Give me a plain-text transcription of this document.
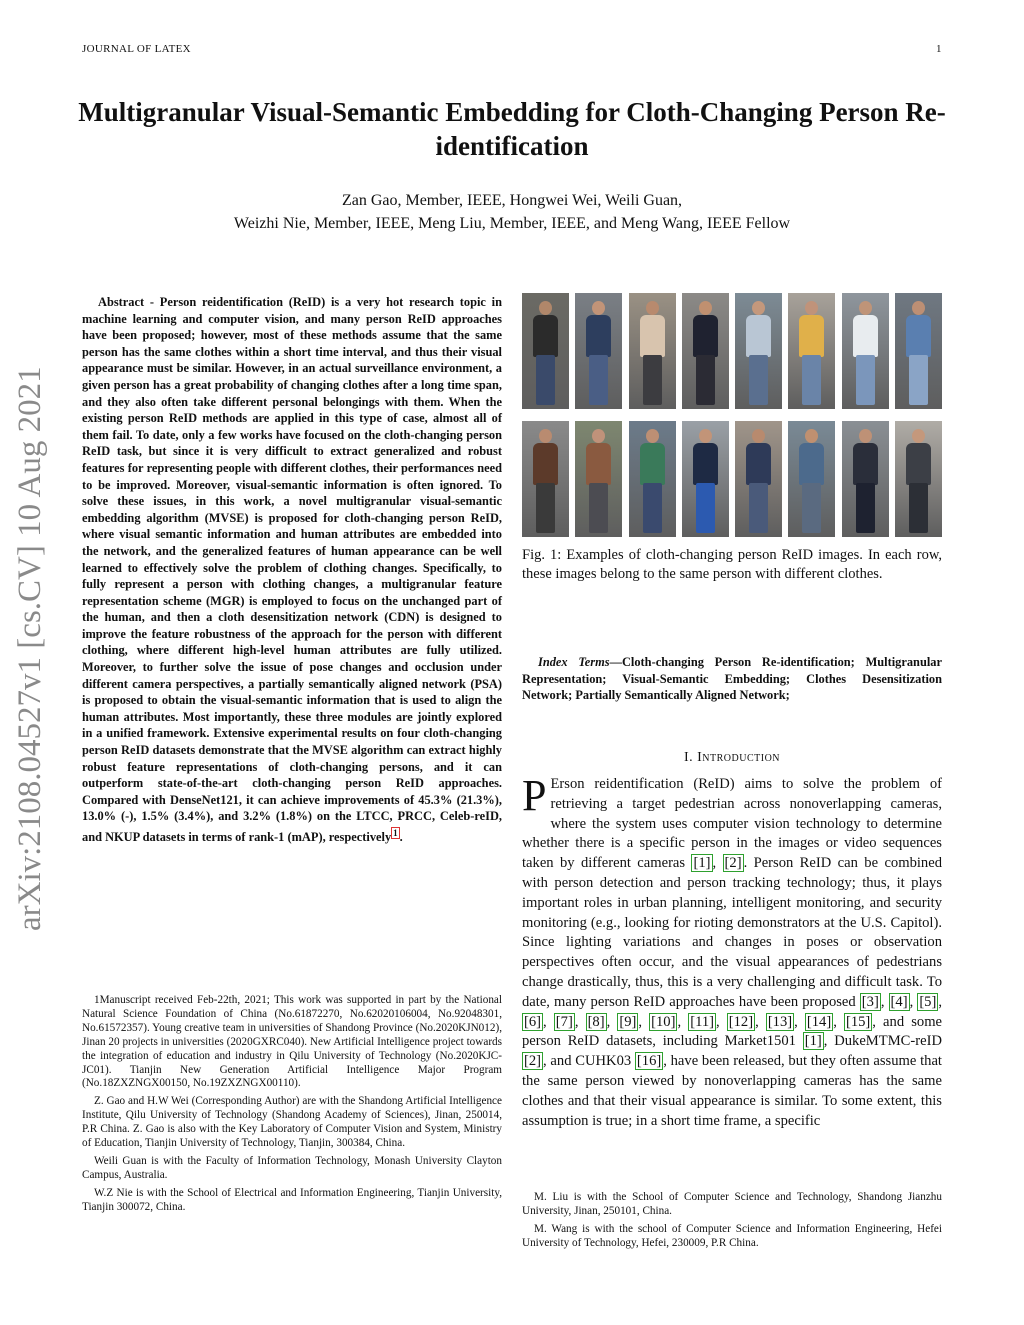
JOURNAL OF LATEX	1
Multigranular Visual-Semantic Embedding for Cloth-Changing Person Re-identification
Zan Gao, Member, IEEE, Hongwei Wei, Weili Guan,
Weizhi Nie, Member, IEEE, Meng Liu, Member, IEEE, and Meng Wang, IEEE Fellow
arXiv:2108.04527v1 [cs.CV] 10 Aug 2021
Abstract - Person reidentification (ReID) is a very hot research topic in machine learning and computer vision, and many person ReID approaches have been proposed; however, most of these methods assume that the same person has the same clothes within a short time interval, and thus their visual appearance must be similar. However, in an actual surveillance environment, a given person has a great probability of changing clothes after a long time span, and they also often take different personal belongings with them. When the existing person ReID methods are applied in this type of case, almost all of them fail. To date, only a few works have focused on the cloth-changing person ReID task, but since it is very difficult to extract generalized and robust features for representing people with different clothes, their performances need to be improved. Moreover, visual-semantic information is often ignored. To solve these issues, in this work, a novel multigranular visual-semantic embedding algorithm (MVSE) is proposed for cloth-changing person ReID, where visual semantic information and human attributes are embedded into the network, and the generalized features of human appearance can be well learned to effectively solve the problem of clothing changes. Specifically, to fully represent a person with clothing changes, a multigranular feature representation scheme (MGR) is employed to focus on the unchanged part of the human, and then a cloth desensitization network (CDN) is designed to improve the feature robustness of the approach for the person with different clothing, where different high-level human attributes are fully utilized. Moreover, to further solve the issue of pose changes and occlusion under different camera perspectives, a partially semantically aligned network (PSA) is proposed to obtain the visual-semantic information that is used to align the human attributes. Most importantly, these three modules are jointly explored in a unified framework. Extensive experimental results on four cloth-changing person ReID datasets demonstrate that the MVSE algorithm can extract highly robust feature representations of cloth-changing persons, and it can outperform state-of-the-art cloth-changing person ReID approaches. Compared with DenseNet121, it can achieve improvements of 45.3% (21.3%), 13.0% (-), 1.5% (3.4%), and 3.2% (1.8%) on the LTCC, PRCC, Celeb-reID, and NKUP datasets in terms of rank-1 (mAP), respectively $^1$ .

1Manuscript received Feb-22th, 2021; This work was supported in part by the National Natural Science Foundation of China (No.61872270, No.62020106004, No.92048301, No.61572357). Young creative team in universities of Shandong Province (No.2020KJN012), Jinan 20 projects in universities (2020GXRC040). New Artificial Intelligence project towards the integration of education and industry in Qilu University of Technology (No.2020KJC-JC01). Tianjin New Generation Artificial Intelligence Major Program (No.18ZXZNGX00150, No.19ZXZNGX00110).

Z. Gao and H.W Wei (Corresponding Author) are with the Shandong Artificial Intelligence Institute, Qilu University of Technology (Shandong Academy of Sciences), Jinan, 250014, P.R China. Z. Gao is also with the Key Laboratory of Computer Vision and System, Ministry of Education, Tianjin University of Technology, Tianjin, 300384, China.

Weili Guan is with the Faculty of Information Technology, Monash University Clayton Campus, Australia.

W.Z Nie is with the School of Electrical and Information Engineering, Tianjin University, Tianjin 300072, China.

Fig. 1: Examples of cloth-changing person ReID images. In each row, these images belong to the same person with different clothes.
Index Terms—Cloth-changing Person Re-identification; Multigranular Representation; Visual-Semantic Embedding; Clothes Desensitization Network; Partially Semantically Aligned Network;
I. Introduction
P Erson reidentification (ReID) aims to solve the problem of retrieving a target pedestrian across nonoverlapping cameras, where the system uses computer vision technology to determine whether there is a specific person in the images or video sequences taken by different cameras [1] , [2] . Person ReID can be combined with person detection and person tracking technology; thus, it plays important roles in urban planning, intelligent monitoring, and security monitoring (e.g., looking for rioting demonstrators at the U.S. Capitol). Since lighting variations and changes in poses or observation perspectives often occur, and the visual appearances of pedestrians change drastically, thus, this is a very challenging and difficult task. To date, many person ReID approaches have been proposed [3] , [4] , [5] , [6] , [7] , [8] , [9] , [10] , [11] , [12] , [13] , [14] , [15] , and some person ReID datasets, including Market1501 [1] , DukeMTMC-reID [2] , and CUHK03 [16] , have been released, but they often assume that the same person viewed by nonoverlapping cameras has the same clothes and that their visual appearance is similar. To some extent, this assumption is true; in a short time frame, a specific

M. Liu is with the School of Computer Science and Technology, Shandong Jianzhu University, Jinan, 250101, China.

M. Wang is with the school of Computer Science and Information Engineering, Hefei University of Technology, Hefei, 230009, P.R China.
